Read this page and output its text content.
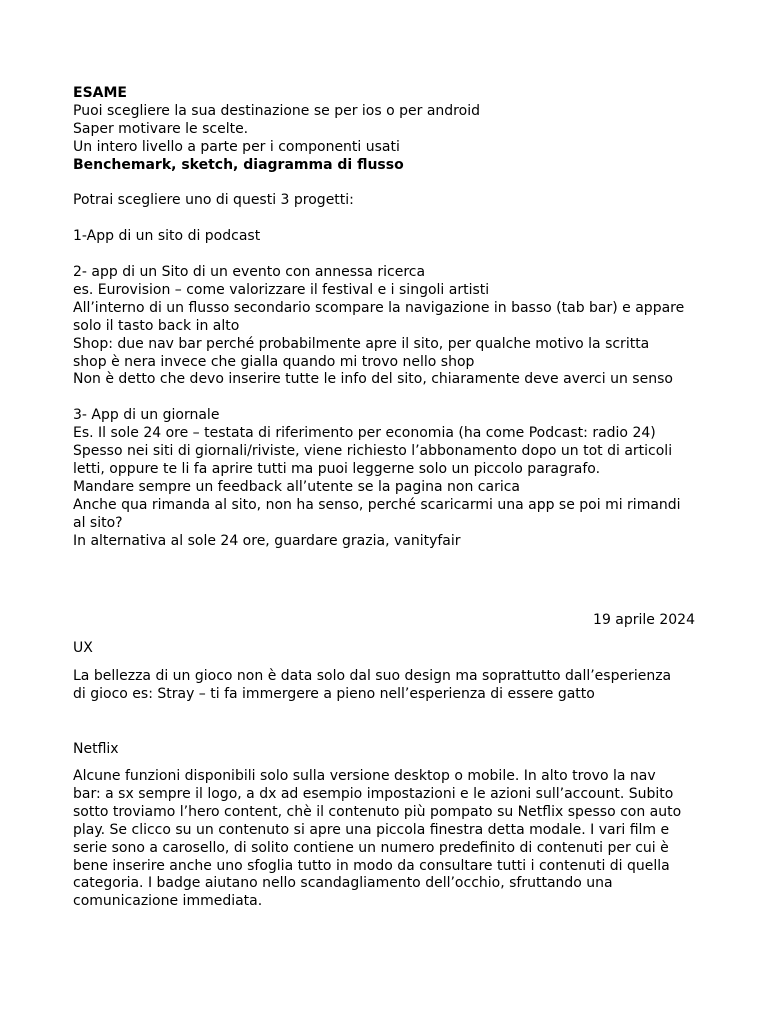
ESAME

Puoi scegliere la sua destinazione se per ios o per android

Saper motivare le scelte.

Un intero livello a parte per i componenti usati

Benchemark, sketch, diagramma di flusso

Potrai scegliere uno di questi 3 progetti:

1-App di un sito di podcast

2- app di un Sito di un evento con annessa ricerca

es. Eurovision – come valorizzare il festival e i singoli artisti

All’interno di un flusso secondario scompare la navigazione in basso (tab bar) e appare

solo il tasto back in alto

Shop: due nav bar perché probabilmente apre il sito, per qualche motivo la scritta

shop è nera invece che gialla quando mi trovo nello shop

Non è detto che devo inserire tutte le info del sito, chiaramente deve averci un senso

3- App di un giornale

Es. Il sole 24 ore – testata di riferimento per economia (ha come Podcast: radio 24)

Spesso nei siti di giornali/riviste, viene richiesto l’abbonamento dopo un tot di articoli

letti, oppure te li fa aprire tutti ma puoi leggerne solo un piccolo paragrafo.

Mandare sempre un feedback all’utente se la pagina non carica

Anche qua rimanda al sito, non ha senso, perché scaricarmi una app se poi mi rimandi

al sito?

In alternativa al sole 24 ore, guardare grazia, vanityfair

19 aprile 2024

UX

La bellezza di un gioco non è data solo dal suo design ma soprattutto dall’esperienza

di gioco es: Stray – ti fa immergere a pieno nell’esperienza di essere gatto

Netflix

Alcune funzioni disponibili solo sulla versione desktop o mobile. In alto trovo la nav

bar: a sx sempre il logo, a dx ad esempio impostazioni e le azioni sull’account. Subito

sotto troviamo l’hero content, chè il contenuto più pompato su Netflix spesso con auto

play. Se clicco su un contenuto si apre una piccola finestra detta modale. I vari film e

serie sono a carosello, di solito contiene un numero predefinito di contenuti per cui è

bene inserire anche uno sfoglia tutto in modo da consultare tutti i contenuti di quella

categoria. I badge aiutano nello scandagliamento dell’occhio, sfruttando una

comunicazione immediata.
